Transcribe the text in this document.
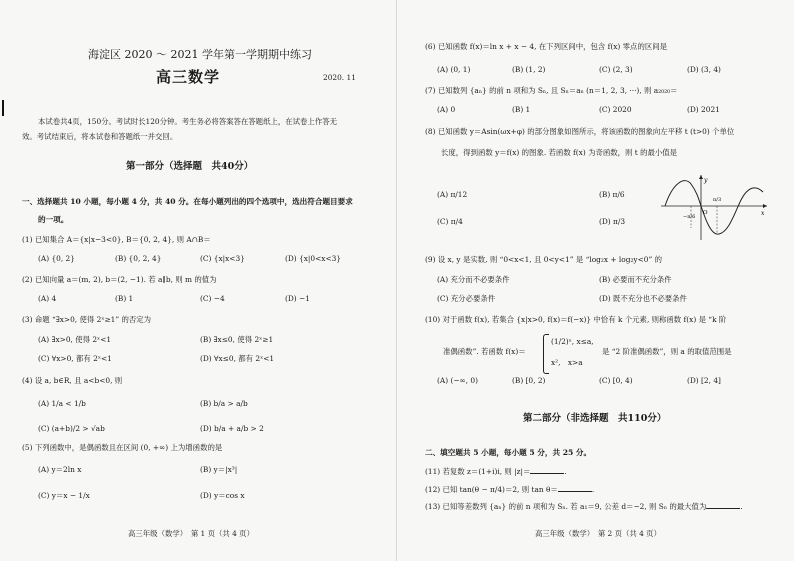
海淀区 2020 ～ 2021 学年第一学期期中练习
高三数学	2020. 11
本试卷共4页，150分。考试时长120分钟。考生务必将答案答在答题纸上，在试卷上作答无
效。考试结束后，将本试卷和答题纸一并交回。
第一部分（选择题　共40分）
一、选择题共 10 小题，每小题 4 分，共 40 分。在每小题列出的四个选项中，选出符合题目要求
的一项。
(1) 已知集合 A＝{x|x−3<0}, B＝{0, 2, 4}, 则 A∩B＝
(A) {0, 2}	(B) {0, 2, 4}	(C) {x|x<3}	(D) {x|0<x<3}
(2) 已知向量 a＝(m, 2), b＝(2, −1). 若 a∥b, 则 m 的值为
(A) 4	(B) 1	(C) −4	(D) −1
(3) 命题 “∃x>0, 使得 2ˣ≥1” 的否定为
(A) ∃x>0, 使得 2ˣ<1	(B) ∃x≤0, 使得 2ˣ≥1
(C) ∀x>0, 都有 2ˣ<1	(D) ∀x≤0, 都有 2ˣ<1
(4) 设 a, b∈R, 且 a<b<0, 则
(A) 1/a < 1/b	(B) b/a > a/b
(C) (a+b)/2 > √ab	(D) b/a + a/b > 2
(5) 下列函数中，是偶函数且在区间 (0, +∞) 上为增函数的是
(A) y＝2ln x	(B) y＝|x³|
(C) y＝x − 1/x	(D) y＝cos x
高三年级（数学）　第 1 页（共 4 页）
(6) 已知函数 f(x)＝ln x + x − 4, 在下列区间中，包含 f(x) 零点的区间是
(A) (0, 1)	(B) (1, 2)	(C) (2, 3)	(D) (3, 4)
(7) 已知数列 {aₙ} 的前 n 项和为 Sₙ, 且 Sₙ＝aₙ (n＝1, 2, 3, ···), 则 a₂₀₂₀＝
(A) 0	(B) 1	(C) 2020	(D) 2021
(8) 已知函数 y＝Asin(ωx+φ) 的部分图象如图所示，将该函数的图象向左平移 t (t>0) 个单位
长度，得到函数 y＝f(x) 的图象. 若函数 f(x) 为奇函数，则 t 的最小值是
(A) π/12	(B) π/6
(C) π/4	(D) π/3
y
x
O
−π/6
π/3
(9) 设 x, y 是实数, 则 “0<x<1, 且 0<y<1” 是 “log₂x + log₂y<0” 的
(A) 充分而不必要条件	(B) 必要而不充分条件
(C) 充分必要条件	(D) 既不充分也不必要条件
(10) 对于函数 f(x), 若集合 {x|x>0, f(x)＝f(−x)} 中恰有 k 个元素, 则称函数 f(x) 是 “k 阶
准偶函数”. 若函数 f(x)＝
(1/2)ˣ, x≤a,
x²,　x>a
是 “2 阶准偶函数”，则 a 的取值范围是
(A) (−∞, 0)	(B) [0, 2)	(C) [0, 4)	(D) [2, 4]
第二部分（非选择题　共110分）
二、填空题共 5 小题，每小题 5 分，共 25 分。
(11) 若复数 z＝(1+i)i, 则 |z|＝	.
(12) 已知 tan(θ − π/4)＝2, 则 tan θ＝	.
(13) 已知等差数列 {aₙ} 的前 n 项和为 Sₙ. 若 a₁＝9, 公差 d＝−2, 则 Sₙ 的最大值为	.
高三年级（数学）　第 2 页（共 4 页）
